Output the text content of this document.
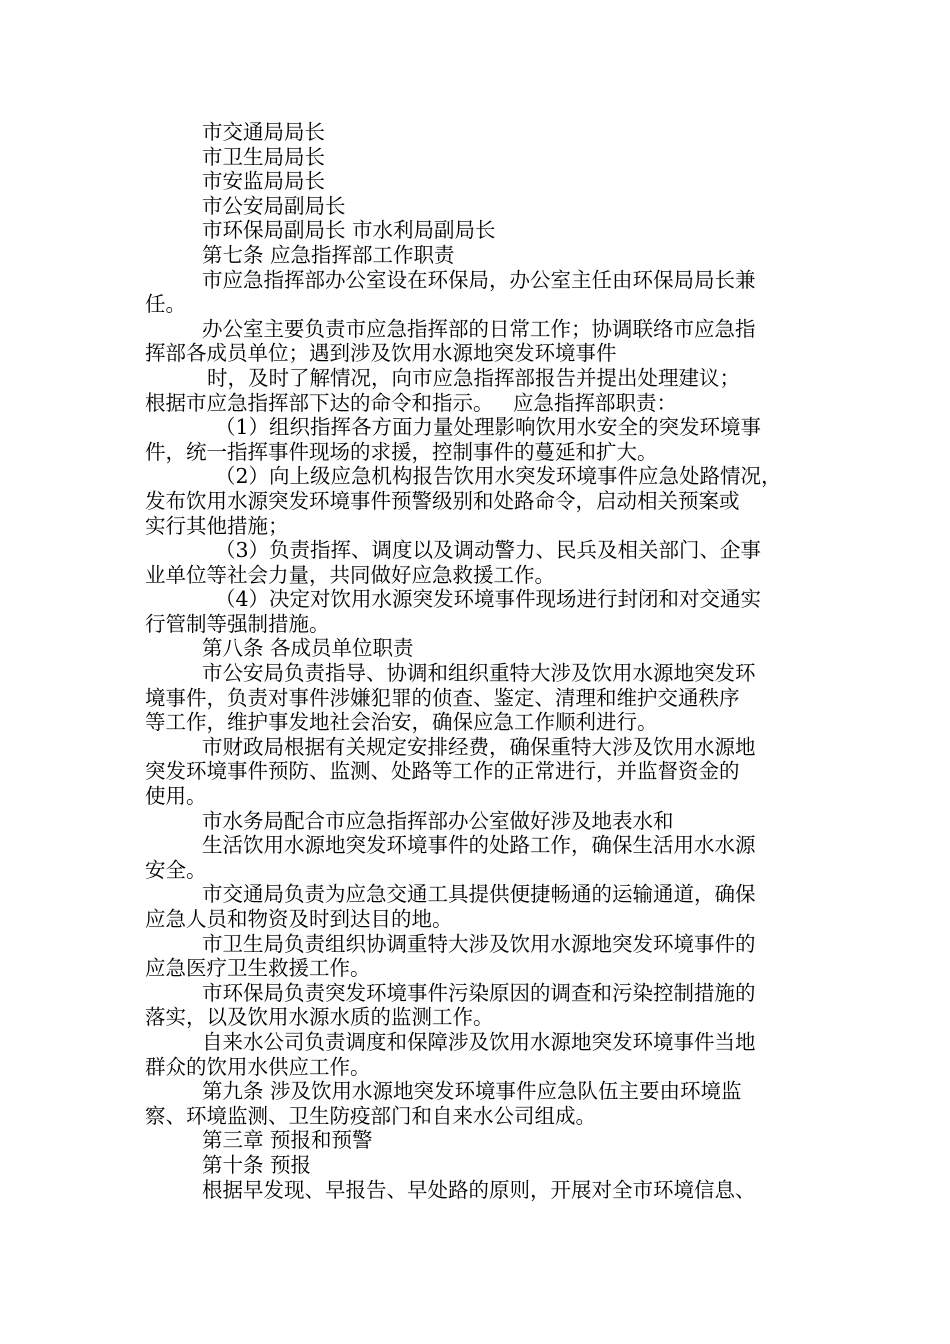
市交通局局长
市卫生局局长
市安监局局长
市公安局副局长
市环保局副局长 市水利局副局长
第七条 应急指挥部工作职责
市应急指挥部办公室设在环保局，办公室主任由环保局局长兼
任。
办公室主要负责市应急指挥部的日常工作；协调联络市应急指
挥部各成员单位；遇到涉及饮用水源地突发环境事件
时，及时了解情况，向市应急指挥部报告并提出处理建议；
根据市应急指挥部下达的命令和指示。   应急指挥部职责：
（1）组织指挥各方面力量处理影响饮用水安全的突发环境事
件，统一指挥事件现场的求援，控制事件的蔓延和扩大。
（2）向上级应急机构报告饮用水突发环境事件应急处路情况，
发布饮用水源突发环境事件预警级别和处路命令，启动相关预案或
实行其他措施；
（3）负责指挥、调度以及调动警力、民兵及相关部门、企事
业单位等社会力量，共同做好应急救援工作。
（4）决定对饮用水源突发环境事件现场进行封闭和对交通实
行管制等强制措施。
第八条 各成员单位职责
市公安局负责指导、协调和组织重特大涉及饮用水源地突发环
境事件，负责对事件涉嫌犯罪的侦查、鉴定、清理和维护交通秩序
等工作，维护事发地社会治安，确保应急工作顺利进行。
市财政局根据有关规定安排经费，确保重特大涉及饮用水源地
突发环境事件预防、监测、处路等工作的正常进行，并监督资金的
使用。
市水务局配合市应急指挥部办公室做好涉及地表水和
生活饮用水源地突发环境事件的处路工作，确保生活用水水源
安全。
市交通局负责为应急交通工具提供便捷畅通的运输通道，确保
应急人员和物资及时到达目的地。
市卫生局负责组织协调重特大涉及饮用水源地突发环境事件的
应急医疗卫生救援工作。
市环保局负责突发环境事件污染原因的调查和污染控制措施的
落实，以及饮用水源水质的监测工作。
自来水公司负责调度和保障涉及饮用水源地突发环境事件当地
群众的饮用水供应工作。
第九条 涉及饮用水源地突发环境事件应急队伍主要由环境监
察、环境监测、卫生防疫部门和自来水公司组成。
第三章 预报和预警
第十条 预报
根据早发现、早报告、早处路的原则，开展对全市环境信息、
